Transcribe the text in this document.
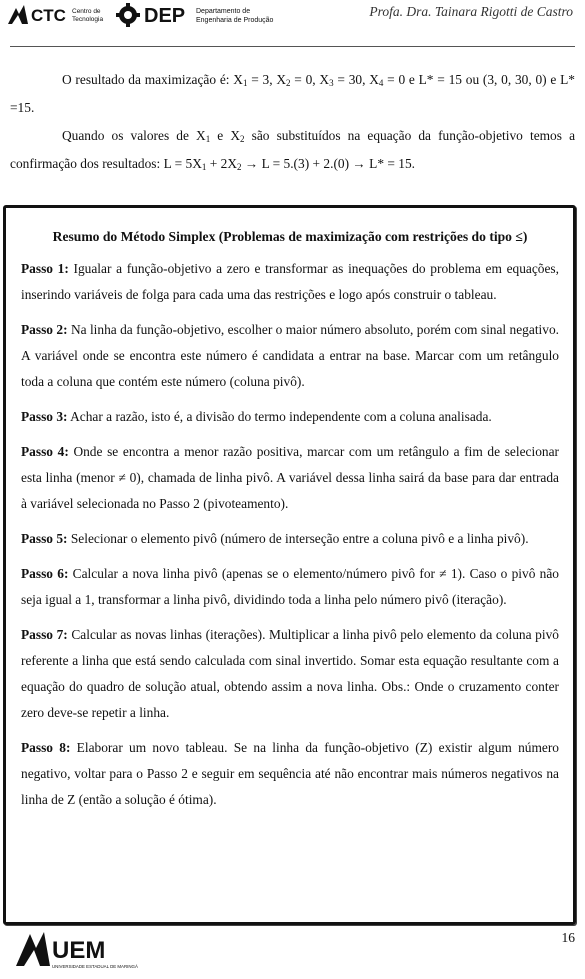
CTC Centro de
Tecnologia DEP Departamento de
Engenharia de Produção
Profa. Dra. Tainara Rigotti de Castro

O resultado da maximização é: $X_1 = 3$, $X_2 = 0$, $X_3 = 30$, $X_4 = 0$ e L* = 15 ou (3, 0, 30, 0) e L* =15.

Quando os valores de $X_1$ e $X_2$ são substituídos na equação da função-objetivo temos a confirmação dos resultados: $L = 5X_1 + 2X_2 \to L = 5.(3) + 2.(0) \to L* = 15$.

Resumo do Método Simplex (Problemas de maximização com restrições do tipo ≤)

Passo 1: Igualar a função-objetivo a zero e transformar as inequações do problema em equações, inserindo variáveis de folga para cada uma das restrições e logo após construir o tableau.

Passo 2: Na linha da função-objetivo, escolher o maior número absoluto, porém com sinal negativo. A variável onde se encontra este número é candidata a entrar na base. Marcar com um retângulo toda a coluna que contém este número (coluna pivô).

Passo 3: Achar a razão, isto é, a divisão do termo independente com a coluna analisada.

Passo 4: Onde se encontra a menor razão positiva, marcar com um retângulo a fim de selecionar esta linha (menor ≠ 0), chamada de linha pivô. A variável dessa linha sairá da base para dar entrada à variável selecionada no Passo 2 (pivoteamento).

Passo 5: Selecionar o elemento pivô (número de interseção entre a coluna pivô e a linha pivô).

Passo 6: Calcular a nova linha pivô (apenas se o elemento/número pivô for ≠ 1). Caso o pivô não seja igual a 1, transformar a linha pivô, dividindo toda a linha pelo número pivô (iteração).

Passo 7: Calcular as novas linhas (iterações). Multiplicar a linha pivô pelo elemento da coluna pivô referente a linha que está sendo calculada com sinal invertido. Somar esta equação resultante com a equação do quadro de solução atual, obtendo assim a nova linha. Obs.: Onde o cruzamento conter zero deve-se repetir a linha.

Passo 8: Elaborar um novo tableau. Se na linha da função-objetivo (Z) existir algum número negativo, voltar para o Passo 2 e seguir em sequência até não encontrar mais números negativos na linha de Z (então a solução é ótima).

UEM
UNIVERSIDADE ESTADUAL DE MARINGÁ
16
